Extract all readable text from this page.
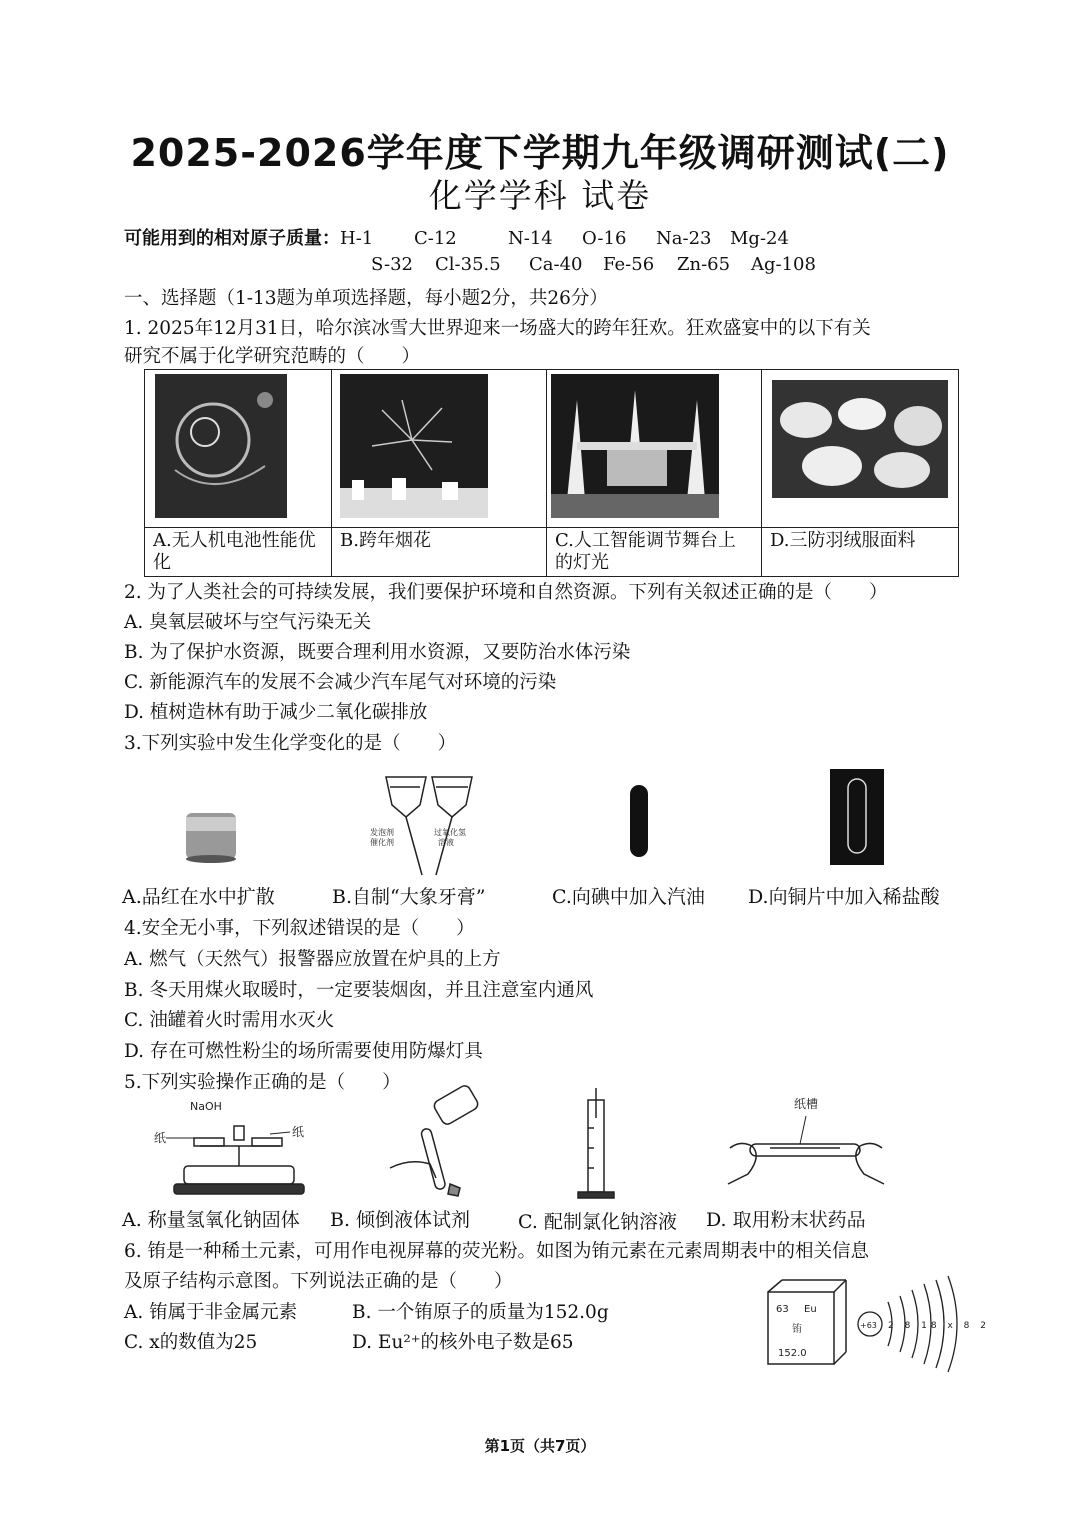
2025-2026学年度下学期九年级调研测试(二)
化学学科 试卷
可能用到的相对原子质量：H-1 C-12	N-14 O-16 Na-23 Mg-24
S-32 Cl-35.5 Ca-40 Fe-56 Zn-65 Ag-108
一、选择题（1-13题为单项选择题，每小题2分，共26分）
1. 2025年12月31日，哈尔滨冰雪大世界迎来一场盛大的跨年狂欢。狂欢盛宴中的以下有关
研究不属于化学研究范畴的（　　）

A.无人机电池性能优化	B.跨年烟花	C.人工智能调节舞台上的灯光	D.三防羽绒服面料
2. 为了人类社会的可持续发展，我们要保护环境和自然资源。下列有关叙述正确的是（　　）
A. 臭氧层破坏与空气污染无关
B. 为了保护水资源，既要合理利用水资源，又要防治水体污染
C. 新能源汽车的发展不会减少汽车尾气对环境的污染
D. 植树造林有助于减少二氧化碳排放
3.下列实验中发生化学变化的是（　　）
发泡剂
催化剂
过氧化氢
溶液
A.品红在水中扩散	B.自制“大象牙膏”	C.向碘中加入汽油 D.向铜片中加入稀盐酸
4.安全无小事，下列叙述错误的是（　　）
A. 燃气（天然气）报警器应放置在炉具的上方
B. 冬天用煤火取暖时，一定要装烟囱，并且注意室内通风
C. 油罐着火时需用水灭火
D. 存在可燃性粉尘的场所需要使用防爆灯具
5.下列实验操作正确的是（　　）
NaOH
纸	纸
纸槽
A. 称量氢氧化钠固体 B. 倾倒液体试剂	C. 配制氯化钠溶液 D. 取用粉末状药品
6. 铕是一种稀土元素，可用作电视屏幕的荧光粉。如图为铕元素在元素周期表中的相关信息
及原子结构示意图。下列说法正确的是（　　）
A. 铕属于非金属元素	B. 一个铕原子的质量为152.0g
C. x的数值为25	D. Eu²⁺的核外电子数是65
63 Eu
铕
152.0
+63 2 8 18 x 8 2
第1页（共7页）
